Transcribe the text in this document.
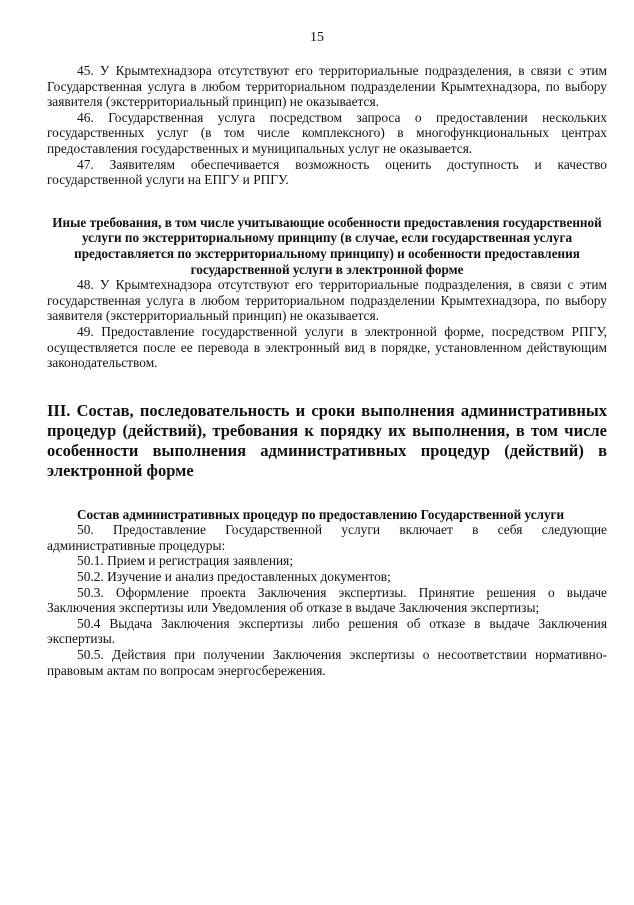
15

45. У Крымтехнадзора отсутствуют его территориальные подразделения, в связи с этим Государственная услуга в любом территориальном подразделении Крымтехнадзора, по выбору заявителя (экстерриториальный принцип) не оказывается.

46. Государственная услуга посредством запроса о предоставлении нескольких государственных услуг (в том числе комплексного) в многофункциональных центрах предоставления государственных и муниципальных услуг не оказывается.

47. Заявителям обеспечивается возможность оценить доступность и качество государственной услуги на ЕПГУ и РПГУ.

Иные требования, в том числе учитывающие особенности предоставления государственной услуги по экстерриториальному принципу (в случае, если государственная услуга предоставляется по экстерриториальному принципу) и особенности предоставления государственной услуги в электронной форме

48. У Крымтехнадзора отсутствуют его территориальные подразделения, в связи с этим государственная услуга в любом территориальном подразделении Крымтехнадзора, по выбору заявителя (экстерриториальный принцип) не оказывается.

49. Предоставление государственной услуги в электронной форме, посредством РПГУ, осуществляется после ее перевода в электронный вид в порядке, установленном действующим законодательством.

III. Состав, последовательность и сроки выполнения административных процедур (действий), требования к порядку их выполнения, в том числе особенности выполнения административных процедур (действий) в электронной форме

Состав административных процедур по предоставлению Государственной услуги

50. Предоставление Государственной услуги включает в себя следующие административные процедуры:

50.1. Прием и регистрация заявления;

50.2. Изучение и анализ предоставленных документов;

50.3. Оформление проекта Заключения экспертизы. Принятие решения о выдаче Заключения экспертизы или Уведомления об отказе в выдаче Заключения экспертизы;

50.4 Выдача Заключения экспертизы либо решения об отказе в выдаче Заключения экспертизы.

50.5. Действия при получении Заключения экспертизы о несоответствии нормативно-правовым актам по вопросам энергосбережения.
